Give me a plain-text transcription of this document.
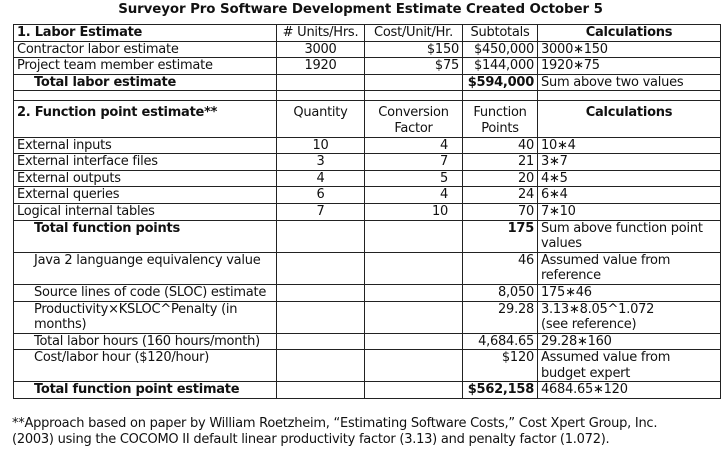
Surveyor Pro Software Development Estimate Created October 5
1. Labor Estimate	# Units/Hrs.	Cost/Unit/Hr.	Subtotals	Calculations
Contractor labor estimate	3000	$150	$450,000	3000∗150
Project team member estimate	1920	$75	$144,000	1920∗75
Total labor estimate			$594,000	Sum above two values

2. Function point estimate**	Quantity	Conversion Factor	Function Points	Calculations
External inputs	10	4	40	10∗4
External interface files	3	7	21	3∗7
External outputs	4	5	20	4∗5
External queries	6	4	24	6∗4
Logical internal tables	7	10	70	7∗10
Total function points			175	Sum above function point values
Java 2 languange equivalency value			46	Assumed value from reference
Source lines of code (SLOC) estimate			8,050	175∗46
Productivity×KSLOC^Penalty (in months)			29.28	3.13∗8.05^1.072
(see reference)
Total labor hours (160 hours/month)			4,684.65	29.28∗160
Cost/labor hour ($120/hour)			$120	Assumed value from budget expert
Total function point estimate			$562,158	4684.65∗120
**Approach based on paper by William Roetzheim, “Estimating Software Costs,” Cost Xpert Group, Inc.
(2003) using the COCOMO II default linear productivity factor (3.13) and penalty factor (1.072).
